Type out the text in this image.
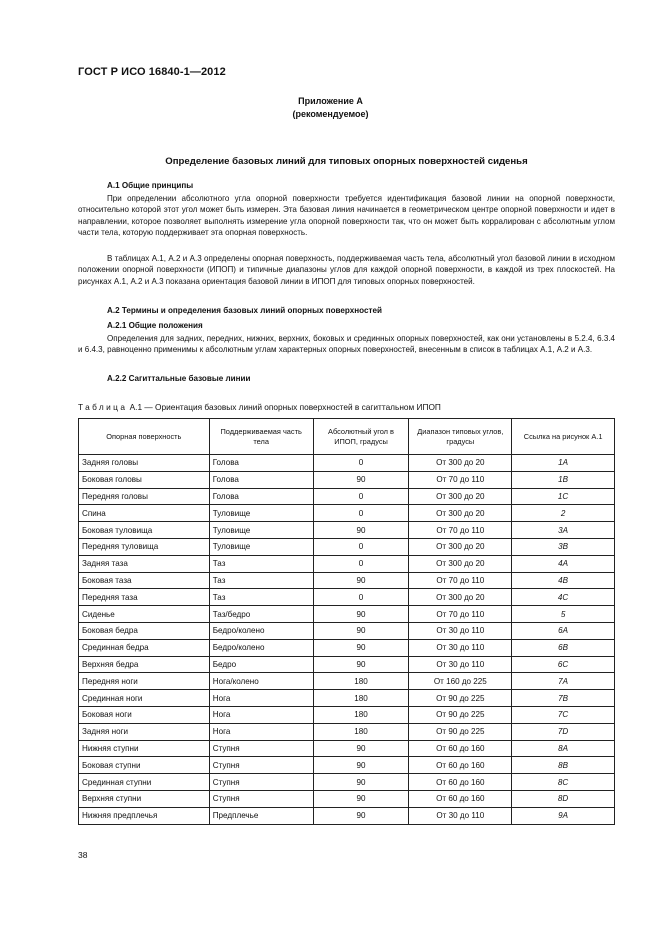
ГОСТ Р ИСО 16840-1—2012
Приложение А
(рекомендуемое)
Определение базовых линий для типовых опорных поверхностей сиденья
А.1 Общие принципы

При определении абсолютного угла опорной поверхности требуется идентификация базовой линии на опорной поверхности, относительно которой этот угол может быть измерен. Эта базовая линия начинается в геометрическом центре опорной поверхности и идет в направлении, которое позволяет выполнять измерение угла опорной поверхности так, что он может быть корралирован с абсолютным углом части тела, которую поддерживает эта опорная поверхность.

В таблицах А.1, А.2 и А.3 определены опорная поверхность, поддерживаемая часть тела, абсолютный угол базовой линии в исходном положении опорной поверхности (ИПОП) и типичные диапазоны углов для каждой опорной поверхности, в каждой из трех плоскостей. На рисунках А.1, А.2 и А.3 показана ориентация базовой линии в ИПОП для типовых опорных поверхностей.

А.2 Термины и определения базовых линий опорных поверхностей
А.2.1 Общие положения

Определения для задних, передних, нижних, верхних, боковых и срединных опорных поверхностей, как они установлены в 5.2.4, 6.3.4 и 6.4.3, равноценно применимы к абсолютным углам характерных опорных поверхностей, внесенным в список в таблицах А.1, А.2 и А.3.

А.2.2 Сагиттальные базовые линии
Таблица А.1 — Ориентация базовых линий опорных поверхностей в сагиттальном ИПОП
Опорная поверхность	Поддерживаемая часть тела	Абсолютный угол в ИПОП, градусы	Диапазон типовых углов, градусы	Ссылка на рисунок А.1
Задняя головы	Голова	0	От 300 до 20	1А
Боковая головы	Голова	90	От 70 до 110	1В
Передняя головы	Голова	0	От 300 до 20	1С
Спина	Туловище	0	От 300 до 20	2
Боковая туловища	Туловище	90	От 70 до 110	3А
Передняя туловища	Туловище	0	От 300 до 20	3В
Задняя таза	Таз	0	От 300 до 20	4А
Боковая таза	Таз	90	От 70 до 110	4В
Передняя таза	Таз	0	От 300 до 20	4С
Сиденье	Таз/бедро	90	От 70 до 110	5
Боковая бедра	Бедро/колено	90	От 30 до 110	6А
Срединная бедра	Бедро/колено	90	От 30 до 110	6В
Верхняя бедра	Бедро	90	От 30 до 110	6С
Передняя ноги	Нога/колено	180	От 160 до 225	7А
Срединная ноги	Нога	180	От 90 до 225	7В
Боковая ноги	Нога	180	От 90 до 225	7С
Задняя ноги	Нога	180	От 90 до 225	7D
Нижняя ступни	Ступня	90	От 60 до 160	8А
Боковая ступни	Ступня	90	От 60 до 160	8В
Срединная ступни	Ступня	90	От 60 до 160	8С
Верхняя ступни	Ступня	90	От 60 до 160	8D
Нижняя предплечья	Предплечье	90	От 30 до 110	9А
38
